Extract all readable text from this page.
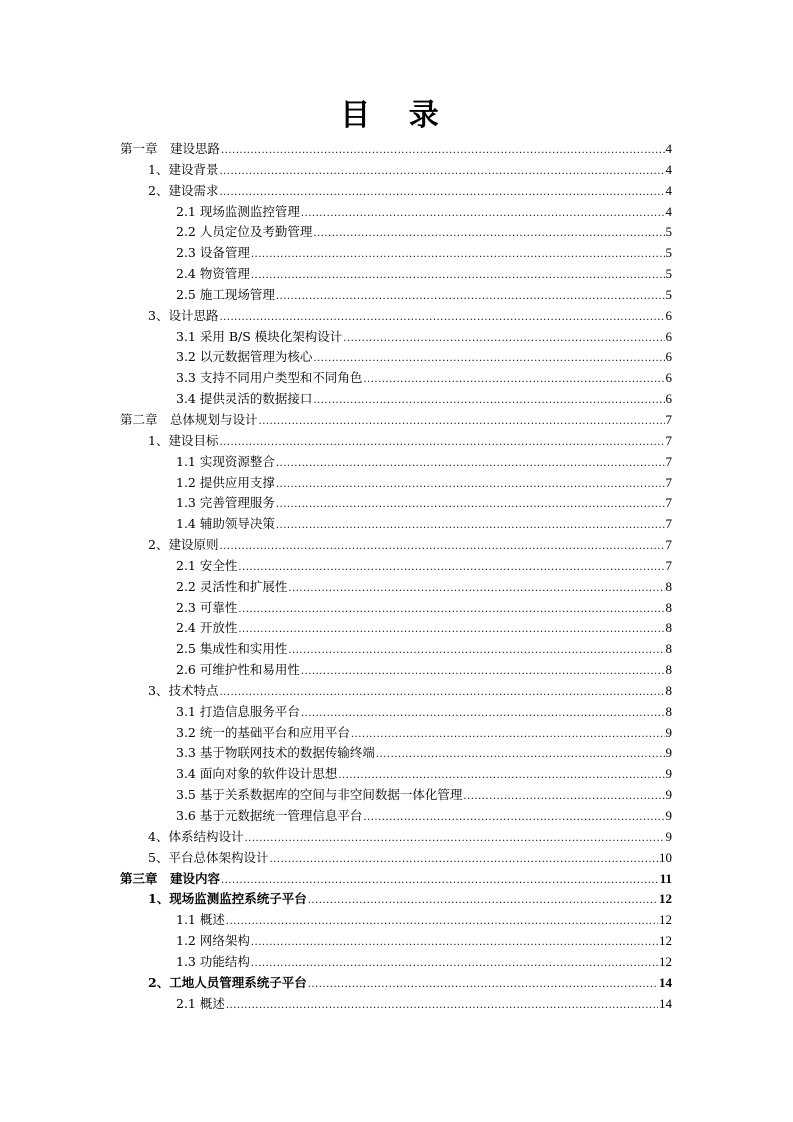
目 录
第一章　建设思路 .....	4
1、建设背景 .....	4
2、建设需求 .....	4
2.1 现场监测监控管理 .....	4
2.2 人员定位及考勤管理 .....	5
2.3 设备管理 .....	5
2.4 物资管理 .....	5
2.5 施工现场管理 .....	5
3、设计思路 .....	6
3.1 采用 B/S 模块化架构设计 .....	6
3.2 以元数据管理为核心 .....	6
3.3 支持不同用户类型和不同角色 .....	6
3.4 提供灵活的数据接口 .....	6
第二章　总体规划与设计 .....	7
1、建设目标 .....	7
1.1 实现资源整合 .....	7
1.2 提供应用支撑 .....	7
1.3 完善管理服务 .....	7
1.4 辅助领导决策 .....	7
2、建设原则 .....	7
2.1 安全性 .....	7
2.2 灵活性和扩展性 .....	8
2.3 可靠性 .....	8
2.4 开放性 .....	8
2.5 集成性和实用性 .....	8
2.6 可维护性和易用性 .....	8
3、技术特点 .....	8
3.1 打造信息服务平台 .....	8
3.2 统一的基础平台和应用平台 .....	9
3.3 基于物联网技术的数据传输终端 .....	9
3.4 面向对象的软件设计思想 .....	9
3.5 基于关系数据库的空间与非空间数据一体化管理 .....	9
3.6 基于元数据统一管理信息平台 .....	9
4、体系结构设计 .....	9
5、平台总体架构设计 .....	10
第三章　建设内容 .....	11
1、现场监测监控系统子平台 .....	12
1.1 概述 .....	12
1.2 网络架构 .....	12
1.3 功能结构 .....	12
2、工地人员管理系统子平台 .....	14
2.1 概述 .....	14
